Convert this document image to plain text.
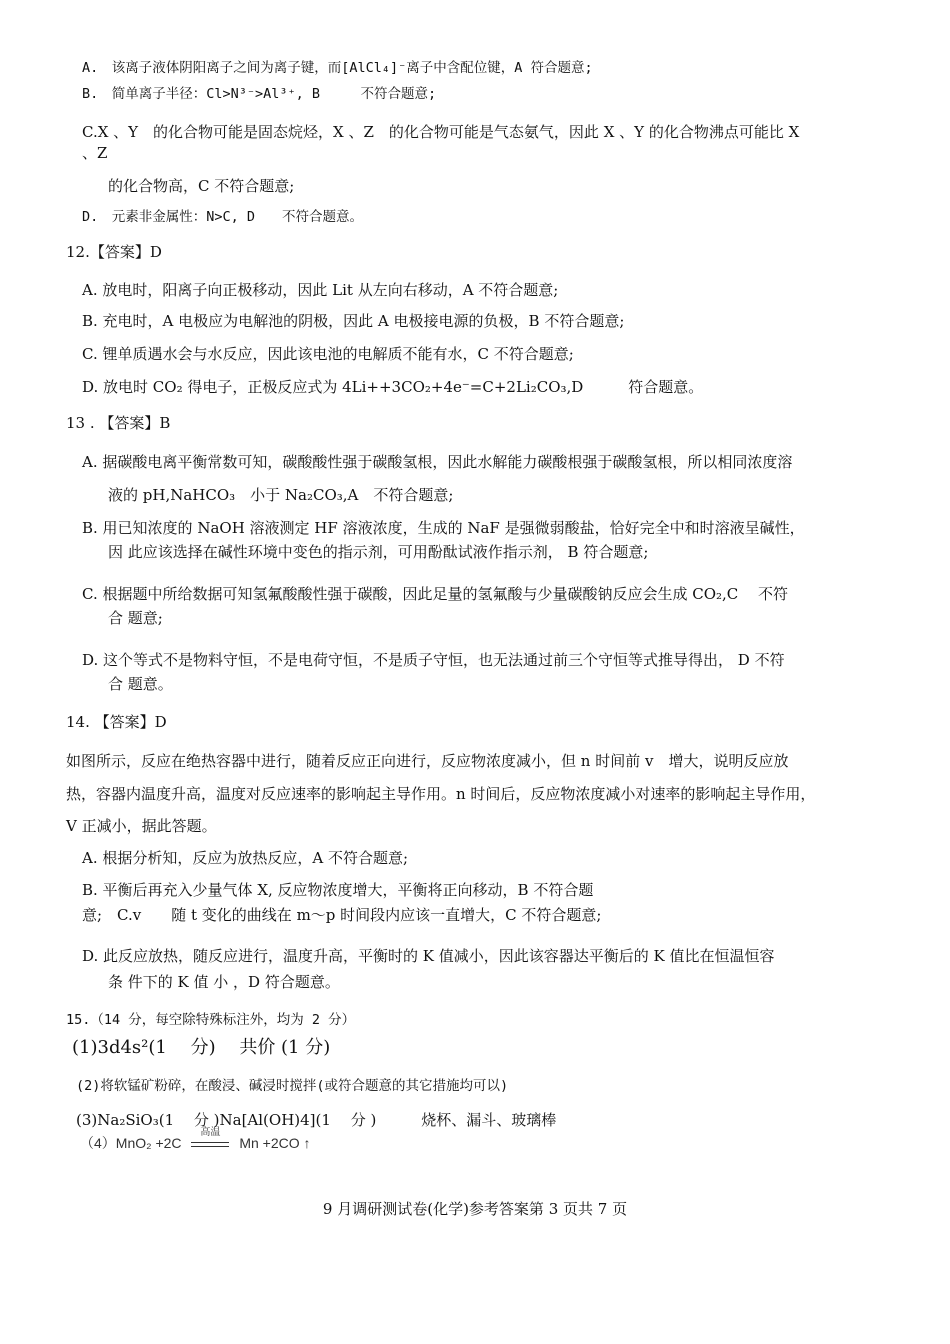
A.　该离子液体阴阳离子之间为离子键，而[AlCl₄]⁻离子中含配位键，A 符合题意;
B.　简单离子半径：Cl>N³⁻>Al³⁺, B　　　不符合题意;
C.X 、Y　的化合物可能是固态烷烃，X 、Z　的化合物可能是气态氨气，因此 X 、Y 的化合物沸点可能比 X
、Z
的化合物高，C 不符合题意;
D.　元素非金属性：N>C, D　　不符合题意。
12.【答案】D
A. 放电时，阳离子向正极移动，因此 Lit 从左向右移动，A 不符合题意;
B. 充电时，A 电极应为电解池的阴极，因此 A 电极接电源的负极，B 不符合题意;
C. 锂单质遇水会与水反应，因此该电池的电解质不能有水，C 不符合题意;
D. 放电时 CO₂ 得电子，正极反应式为 4Li++3CO₂+4e⁻=C+2Li₂CO₃,D　　　符合题意。
13 . 【答案】B
A. 据碳酸电离平衡常数可知，碳酸酸性强于碳酸氢根，因此水解能力碳酸根强于碳酸氢根，所以相同浓度溶
液的 pH,NaHCO₃　小于 Na₂CO₃,A　不符合题意;
B. 用已知浓度的 NaOH 溶液测定 HF 溶液浓度，生成的 NaF 是强微弱酸盐，恰好完全中和时溶液呈碱性，
因 此应该选择在碱性环境中变色的指示剂，可用酚酞试液作指示剂， B 符合题意;
C. 根据题中所给数据可知氢氟酸酸性强于碳酸，因此足量的氢氟酸与少量碳酸钠反应会生成 CO₂,C　 不符
合 题意;
D. 这个等式不是物料守恒，不是电荷守恒，不是质子守恒，也无法通过前三个守恒等式推导得出， D 不符
合 题意。
14. 【答案】D
如图所示，反应在绝热容器中进行，随着反应正向进行，反应物浓度减小，但 n 时间前 v　增大，说明反应放
热，容器内温度升高，温度对反应速率的影响起主导作用。n 时间后，反应物浓度减小对速率的影响起主导作用，
V 正减小，据此答题。
A. 根据分析知，反应为放热反应，A 不符合题意;
B. 平衡后再充入少量气体 X, 反应物浓度增大，平衡将正向移动，B 不符合题
意;　C.v　　随 t 变化的曲线在 m～p 时间段内应该一直增大，C 不符合题意;
D. 此反应放热，随反应进行，温度升高，平衡时的 K 值减小，因此该容器达平衡后的 K 值比在恒温恒容
条 件下的 K 值 小 ，D 符合题意。
15.（14 分，每空除特殊标注外，均为 2 分）
(1)3d4s²(1　 分)　 共价 (1 分)
(2)将软锰矿粉碎，在酸浸、碱浸时搅拌(或符合题意的其它措施均可以)
(3)Na₂SiO₃(1　 分 )Na[Al(OH)4](1　 分 )　　　烧杯、漏斗、玻璃棒
（4）MnO₂ +2C
高温
Mn +2CO ↑
9 月调研测试卷(化学)参考答案第 3 页共 7 页
